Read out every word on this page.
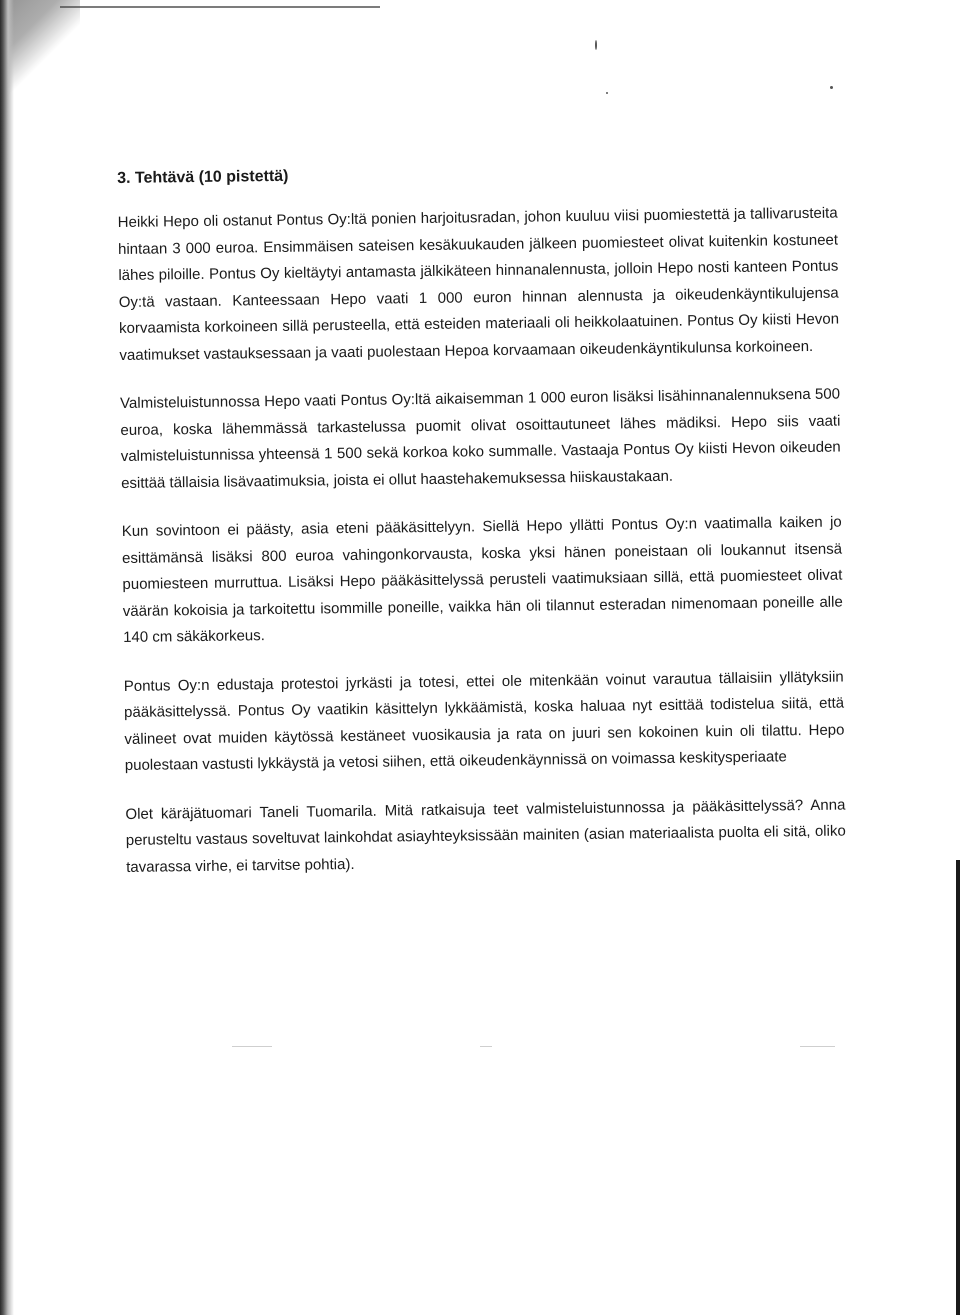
3. Tehtävä (10 pistettä)

Heikki Hepo oli ostanut Pontus Oy:ltä ponien harjoitusradan, johon kuuluu viisi puomiestettä ja tallivarusteita hintaan 3 000 euroa. Ensimmäisen sateisen kesäkuukauden jälkeen puomiesteet olivat kuitenkin kostuneet lähes piloille. Pontus Oy kieltäytyi antamasta jälkikäteen hinnanalennusta, jolloin Hepo nosti kanteen Pontus Oy:tä vastaan. Kanteessaan Hepo vaati 1 000 euron hinnan alennusta ja oikeudenkäyntikulujensa korvaamista korkoineen sillä perusteella, että esteiden materiaali oli heikkolaatuinen. Pontus Oy kiisti Hevon vaatimukset vastauksessaan ja vaati puolestaan Hepoa korvaamaan oikeudenkäyntikulunsa korkoineen.

Valmisteluistunnossa Hepo vaati Pontus Oy:ltä aikaisemman 1 000 euron lisäksi lisähinnanalennuksena 500 euroa, koska lähemmässä tarkastelussa puomit olivat osoittautuneet lähes mädiksi. Hepo siis vaati valmisteluistunnissa yhteensä 1 500 sekä korkoa koko summalle. Vastaaja Pontus Oy kiisti Hevon oikeuden esittää tällaisia lisävaatimuksia, joista ei ollut haastehakemuksessa hiiskaustakaan.

Kun sovintoon ei päästy, asia eteni pääkäsittelyyn. Siellä Hepo yllätti Pontus Oy:n vaatimalla kaiken jo esittämänsä lisäksi 800 euroa vahingonkorvausta, koska yksi hänen poneistaan oli loukannut itsensä puomiesteen murruttua. Lisäksi Hepo pääkäsittelyssä perusteli vaatimuksiaan sillä, että puomiesteet olivat väärän kokoisia ja tarkoitettu isommille poneille, vaikka hän oli tilannut esteradan nimenomaan poneille alle 140 cm säkäkorkeus.

Pontus Oy:n edustaja protestoi jyrkästi ja totesi, ettei ole mitenkään voinut varautua tällaisiin yllätyksiin pääkäsittelyssä. Pontus Oy vaatikin käsittelyn lykkäämistä, koska haluaa nyt esittää todistelua siitä, että välineet ovat muiden käytössä kestäneet vuosikausia ja rata on juuri sen kokoinen kuin oli tilattu. Hepo puolestaan vastusti lykkäystä ja vetosi siihen, että oikeudenkäynnissä on voimassa keskitysperiaate

Olet käräjätuomari Taneli Tuomarila. Mitä ratkaisuja teet valmisteluistunnossa ja pääkäsittelyssä? Anna perusteltu vastaus soveltuvat lainkohdat asiayhteyksissään mainiten (asian materiaalista puolta eli sitä, oliko tavarassa virhe, ei tarvitse pohtia).
